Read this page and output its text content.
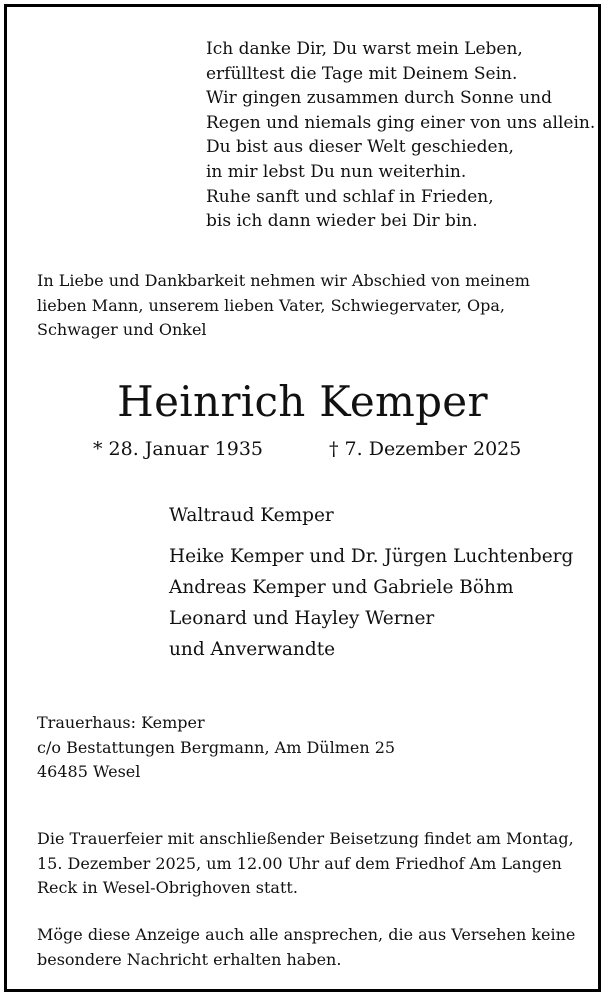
Ich danke Dir, Du warst mein Leben,
erfülltest die Tage mit Deinem Sein.
Wir gingen zusammen durch Sonne und
Regen und niemals ging einer von uns allein.
Du bist aus dieser Welt geschieden,
in mir lebst Du nun weiterhin.
Ruhe sanft und schlaf in Frieden,
bis ich dann wieder bei Dir bin.
In Liebe und Dankbarkeit nehmen wir Abschied von meinem
lieben Mann, unserem lieben Vater, Schwiegervater, Opa,
Schwager und Onkel
Heinrich Kemper
* 28. Januar 1935	† 7. Dezember 2025
Waltraud Kemper
Heike Kemper und Dr. Jürgen Luchtenberg
Andreas Kemper und Gabriele Böhm
Leonard und Hayley Werner
und Anverwandte
Trauerhaus: Kemper
c/o Bestattungen Bergmann, Am Dülmen 25
46485 Wesel
Die Trauerfeier mit anschließender Beisetzung findet am Montag,
15. Dezember 2025, um 12.00 Uhr auf dem Friedhof Am Langen
Reck in Wesel-Obrighoven statt.
Möge diese Anzeige auch alle ansprechen, die aus Versehen keine
besondere Nachricht erhalten haben.
